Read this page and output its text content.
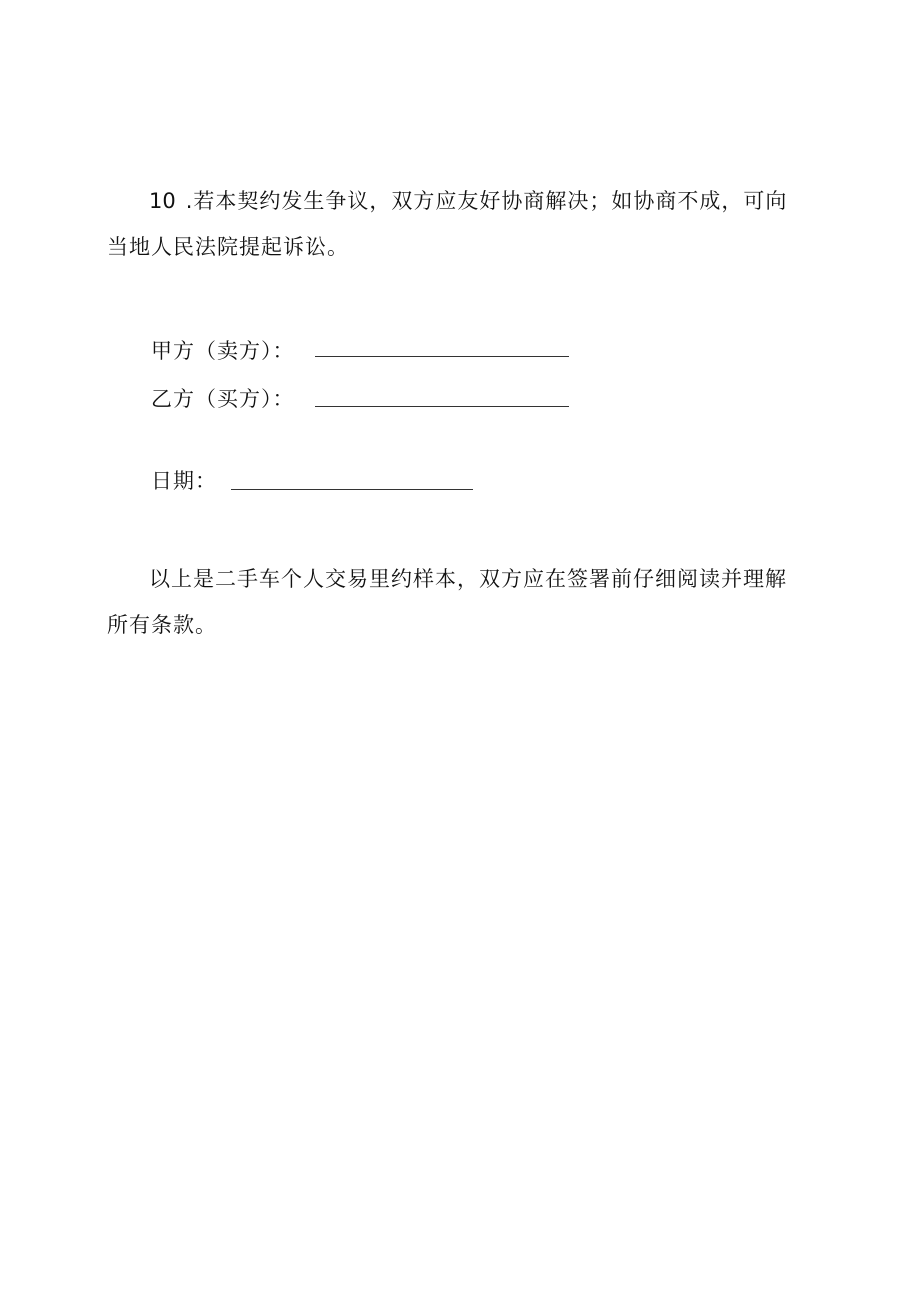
10 .若本契约发生争议，双方应友好协商解决；如协商不成，可向当地人民法院提起诉讼。

甲方（卖方）：
乙方（买方）：
日期：

以上是二手车个人交易里约样本，双方应在签署前仔细阅读并理解所有条款。
